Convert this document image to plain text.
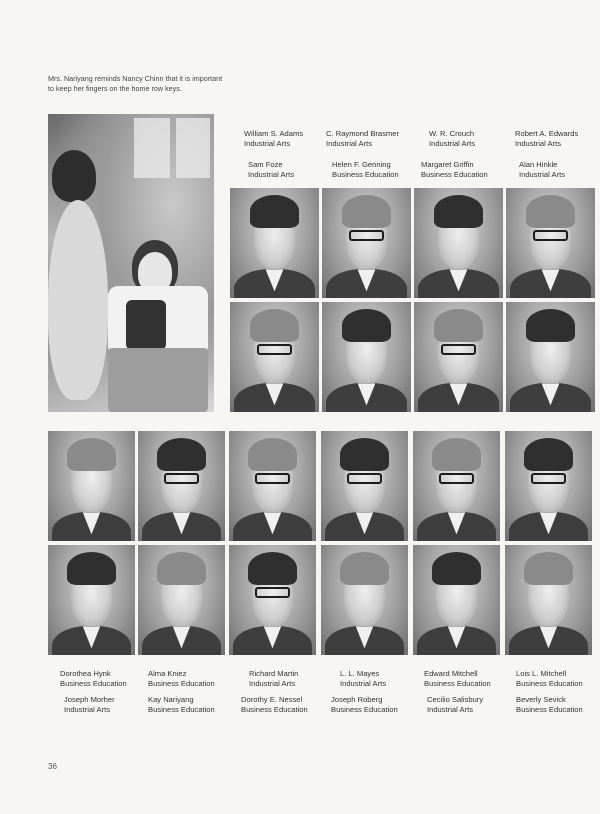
Mrs. Nariyang reminds Nancy Chinn that it is important to keep her fingers on the home row keys.
William S. Adams
Industrial Arts
C. Raymond Brasmer
Industrial Arts
W. R. Crouch
Industrial Arts
Robert A. Edwards
Industrial Arts
Sam Foze
Industrial Arts
Helen F. Genning
Business Education
Margaret Griffin
Business Education
Alan Hinkle
Industrial Arts
Dorothea Hynk
Business Education
Alma Kniez
Business Education
Richard Martin
Industrial Arts
L. L. Mayes
Industrial Arts
Edward Mitchell
Business Education
Lois L. Mitchell
Business Education
Joseph Morher
Industrial Arts
Kay Nariyang
Business Education
Dorothy E. Nessel
Business Education
Joseph Roberg
Business Education
Cecilio Salisbury
Industrial Arts
Beverly Sevick
Business Education
36
